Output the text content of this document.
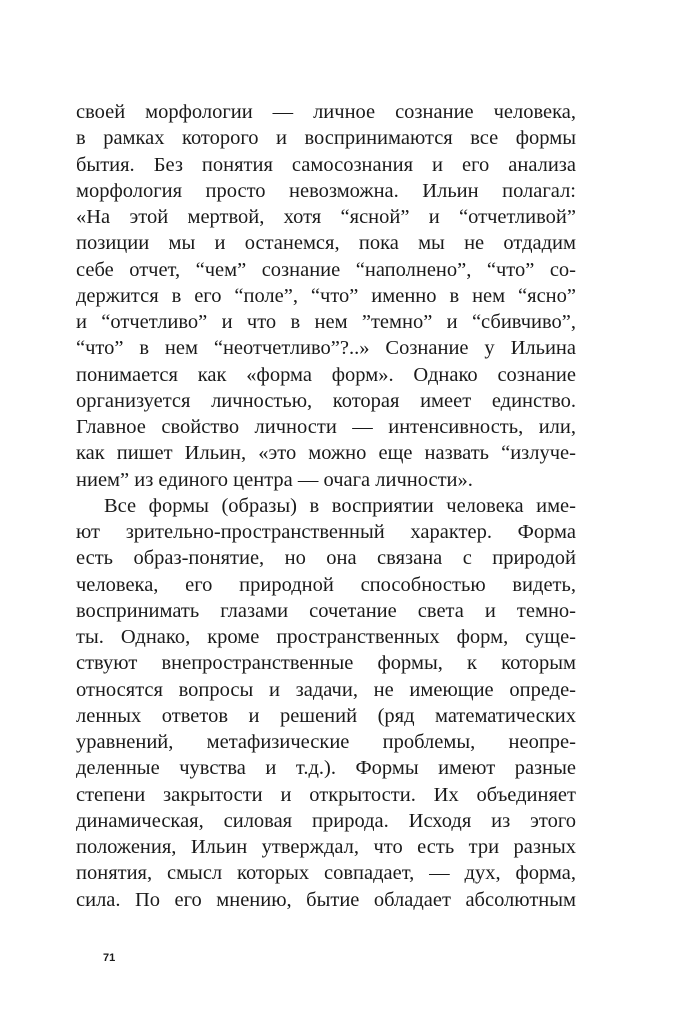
своей морфологии — личное сознание человека,
в рамках которого и воспринимаются все формы
бытия. Без понятия самосознания и его анализа
морфология просто невозможна. Ильин полагал:
«На этой мертвой, хотя “ясной” и “отчетливой”
позиции мы и останемся, пока мы не отдадим
себе отчет, “чем” сознание “наполнено”, “что” со-
держится в его “поле”, “что” именно в нем “ясно”
и “отчетливо” и что в нем ”темно” и “сбивчиво”,
“что” в нем “неотчетливо”?..» Сознание у Ильина
понимается как «форма форм». Однако сознание
организуется личностью, которая имеет единство.
Главное свойство личности — интенсивность, или,
как пишет Ильин, «это можно еще назвать “излуче-
нием” из единого центра — очага личности».
Все формы (образы) в восприятии человека име-
ют зрительно-пространственный характер. Форма
есть образ-понятие, но она связана с природой
человека, его природной способностью видеть,
воспринимать глазами сочетание света и темно-
ты. Однако, кроме пространственных форм, суще-
ствуют внепространственные формы, к которым
относятся вопросы и задачи, не имеющие опреде-
ленных ответов и решений (ряд математических
уравнений, метафизические проблемы, неопре-
деленные чувства и т.д.). Формы имеют разные
степени закрытости и открытости. Их объединяет
динамическая, силовая природа. Исходя из этого
положения, Ильин утверждал, что есть три разных
понятия, смысл которых совпадает, — дух, форма,
сила. По его мнению, бытие обладает абсолютным
71
